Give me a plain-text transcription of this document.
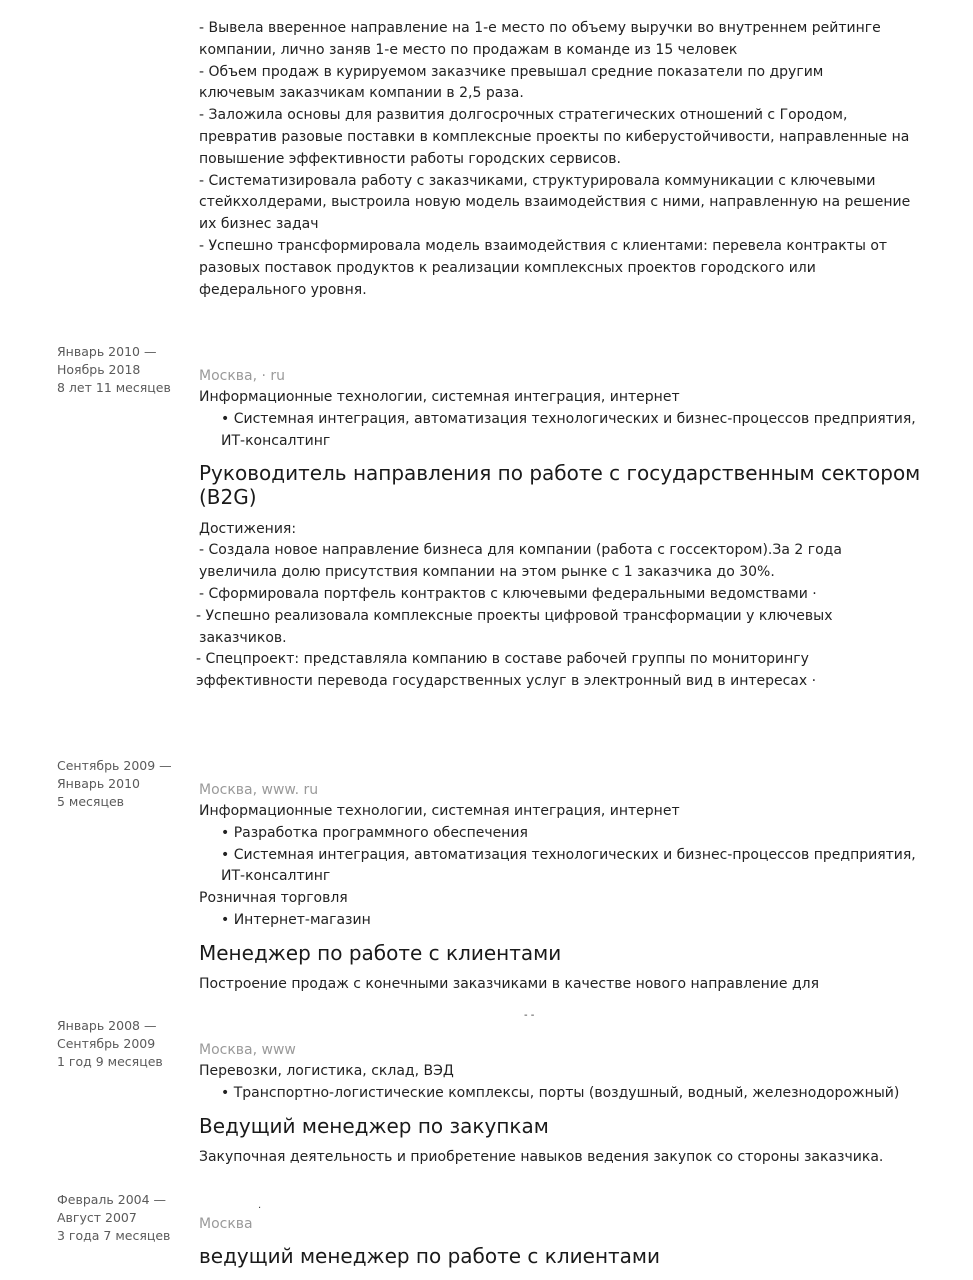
- Вывела вверенное направление на 1-е место по объему выручки во внутреннем рейтинге
компании, лично заняв 1-е место по продажам в команде из 15 человек
- Объем продаж в курируемом заказчике превышал средние показатели по другим
ключевым заказчикам компании в 2,5 раза.
- Заложила основы для развития долгосрочных стратегических отношений с Городом,
превратив разовые поставки в комплексные проекты по киберустойчивости, направленные на
повышение эффективности работы городских сервисов.
- Систематизировала работу с заказчиками, структурировала коммуникации с ключевыми
стейкхолдерами, выстроила новую модель взаимодействия с ними, направленную на решение
их бизнес задач
- Успешно трансформировала модель взаимодействия с клиентами: перевела контракты от
разовых поставок продуктов к реализации комплексных проектов городского или
федерального уровня.
Январь 2010 —
Ноябрь 2018
8 лет 11 месяцев
Москва, · ru
Информационные технологии, системная интеграция, интернет
• Системная интеграция, автоматизация технологических и бизнес-процессов предприятия,
ИТ-консалтинг
Руководитель направления по работе с государственным сектором
(B2G)
Достижения:
- Создала новое направление бизнеса для компании (работа с госсектором).За 2 года
увеличила долю присутствия компании на этом рынке с 1 заказчика до 30%.
- Сформировала портфель контрактов с ключевыми федеральными ведомствами ·
- Успешно реализовала комплексные проекты цифровой трансформации у ключевых
заказчиков.
- Спецпроект: представляла компанию в составе рабочей группы по мониторингу
эффективности перевода государственных услуг в электронный вид в интересах ·
Сентябрь 2009 —
Январь 2010
5 месяцев
Москва, www. ru
Информационные технологии, системная интеграция, интернет
• Разработка программного обеспечения
• Системная интеграция, автоматизация технологических и бизнес-процессов предприятия,
ИТ-консалтинг
Розничная торговля
• Интернет-магазин
Менеджер по работе с клиентами
Построение продаж с конечными заказчиками в качестве нового направление для
- -
Январь 2008 —
Сентябрь 2009
1 год 9 месяцев
Москва, www
Перевозки, логистика, склад, ВЭД
• Транспортно-логистические комплексы, порты (воздушный, водный, железнодорожный)
Ведущий менеджер по закупкам
Закупочная деятельность и приобретение навыков ведения закупок со стороны заказчика.
Февраль 2004 —
Август 2007
3 года 7 месяцев
·
Москва
ведущий менеджер по работе с клиентами
